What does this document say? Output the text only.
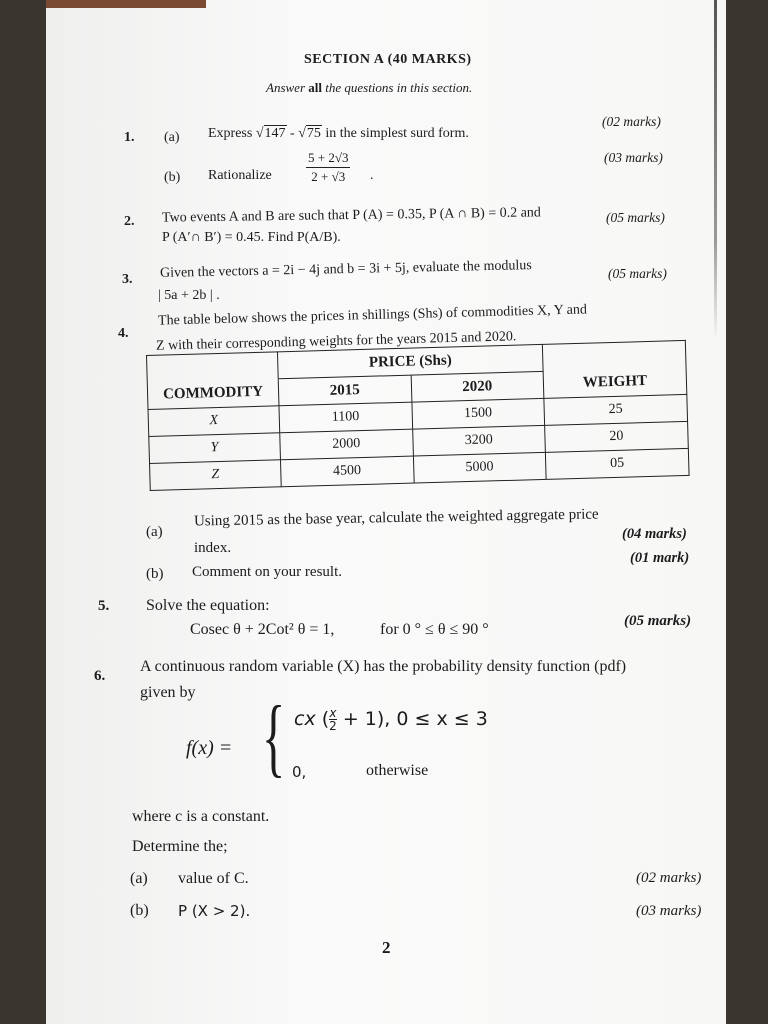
SECTION A (40 MARKS)
Answer all the questions in this section.
1. (a) Express √147 - √75 in the simplest surd form.
(02 marks)
(b) Rationalize	$\frac{5 + 2√3}{2 + √3}$ .
(03 marks)
2. Two events A and B are such that P (A) = 0.35, P (A ∩ B) = 0.2 and
P (A′∩ B′) = 0.45. Find P(A/B).
(05 marks)
3. Given the vectors a = 2i − 4j and b = 3i + 5j, evaluate the modulus
| 5a + 2b | .
(05 marks)
4.
The table below shows the prices in shillings (Shs) of commodities X, Y and
Z with their corresponding weights for the years 2015 and 2020.
	PRICE (Shs)		
COMMODITY	2015	2020	WEIGHT
X	1100	1500	25
Y	2000	3200	20
Z	4500	5000	05
(a)
Using 2015 as the base year, calculate the weighted aggregate price
index.
(04 marks)
(b) Comment on your result.
(01 mark)
5. Solve the equation:
Cosec θ + 2Cot² θ = 1,	for 0 ° ≤ θ ≤ 90 °	(05 marks)
6.
A continuous random variable (X) has the probability density function (pdf)
given by
f(x) = { cx ( $\frac{x}{2} + 1$), 0 ≤ x ≤ 3
0,	otherwise
where c is a constant.
Determine the;
(a) value of C.	(02 marks)
(b) P (X > 2).	(03 marks)
2
